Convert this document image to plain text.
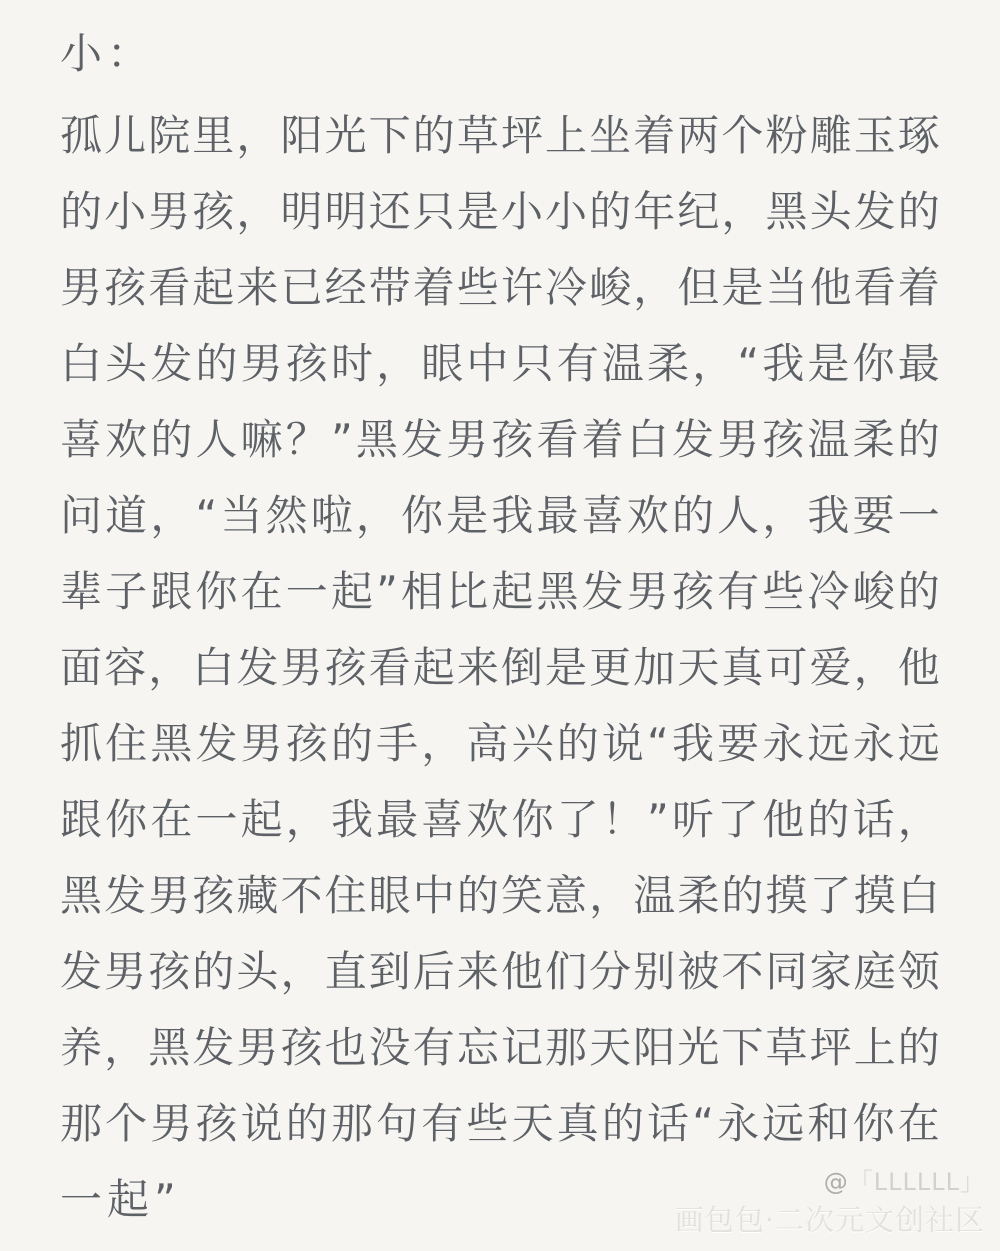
小 ：
孤 儿 院 里 ， 阳 光 下 的 草 坪 上 坐 着 两 个 粉 雕 玉 琢
的 小 男 孩 ， 明 明 还 只 是 小 小 的 年 纪 ， 黑 头 发 的
男 孩 看 起 来 已 经 带 着 些 许 冷 峻 ， 但 是 当 他 看 着
白 头 发 的 男 孩 时 ， 眼 中 只 有 温 柔 ， “ 我 是 你 最
喜 欢 的 人 嘛 ？ ” 黑 发 男 孩 看 着 白 发 男 孩 温 柔 的
问 道 ， “ 当 然 啦 ， 你 是 我 最 喜 欢 的 人 ， 我 要 一
辈 子 跟 你 在 一 起 ” 相 比 起 黑 发 男 孩 有 些 冷 峻 的
面 容 ， 白 发 男 孩 看 起 来 倒 是 更 加 天 真 可 爱 ， 他
抓 住 黑 发 男 孩 的 手 ， 高 兴 的 说 “ 我 要 永 远 永 远
跟 你 在 一 起 ， 我 最 喜 欢 你 了 ！ ” 听 了 他 的 话 ，
黑 发 男 孩 藏 不 住 眼 中 的 笑 意 ， 温 柔 的 摸 了 摸 白
发 男 孩 的 头 ， 直 到 后 来 他 们 分 别 被 不 同 家 庭 领
养 ， 黑 发 男 孩 也 没 有 忘 记 那 天 阳 光 下 草 坪 上 的
那 个 男 孩 说 的 那 句 有 些 天 真 的 话 “ 永 远 和 你 在
一 起 ”	@「LLLLLL」
画包包·二次元文创社区
